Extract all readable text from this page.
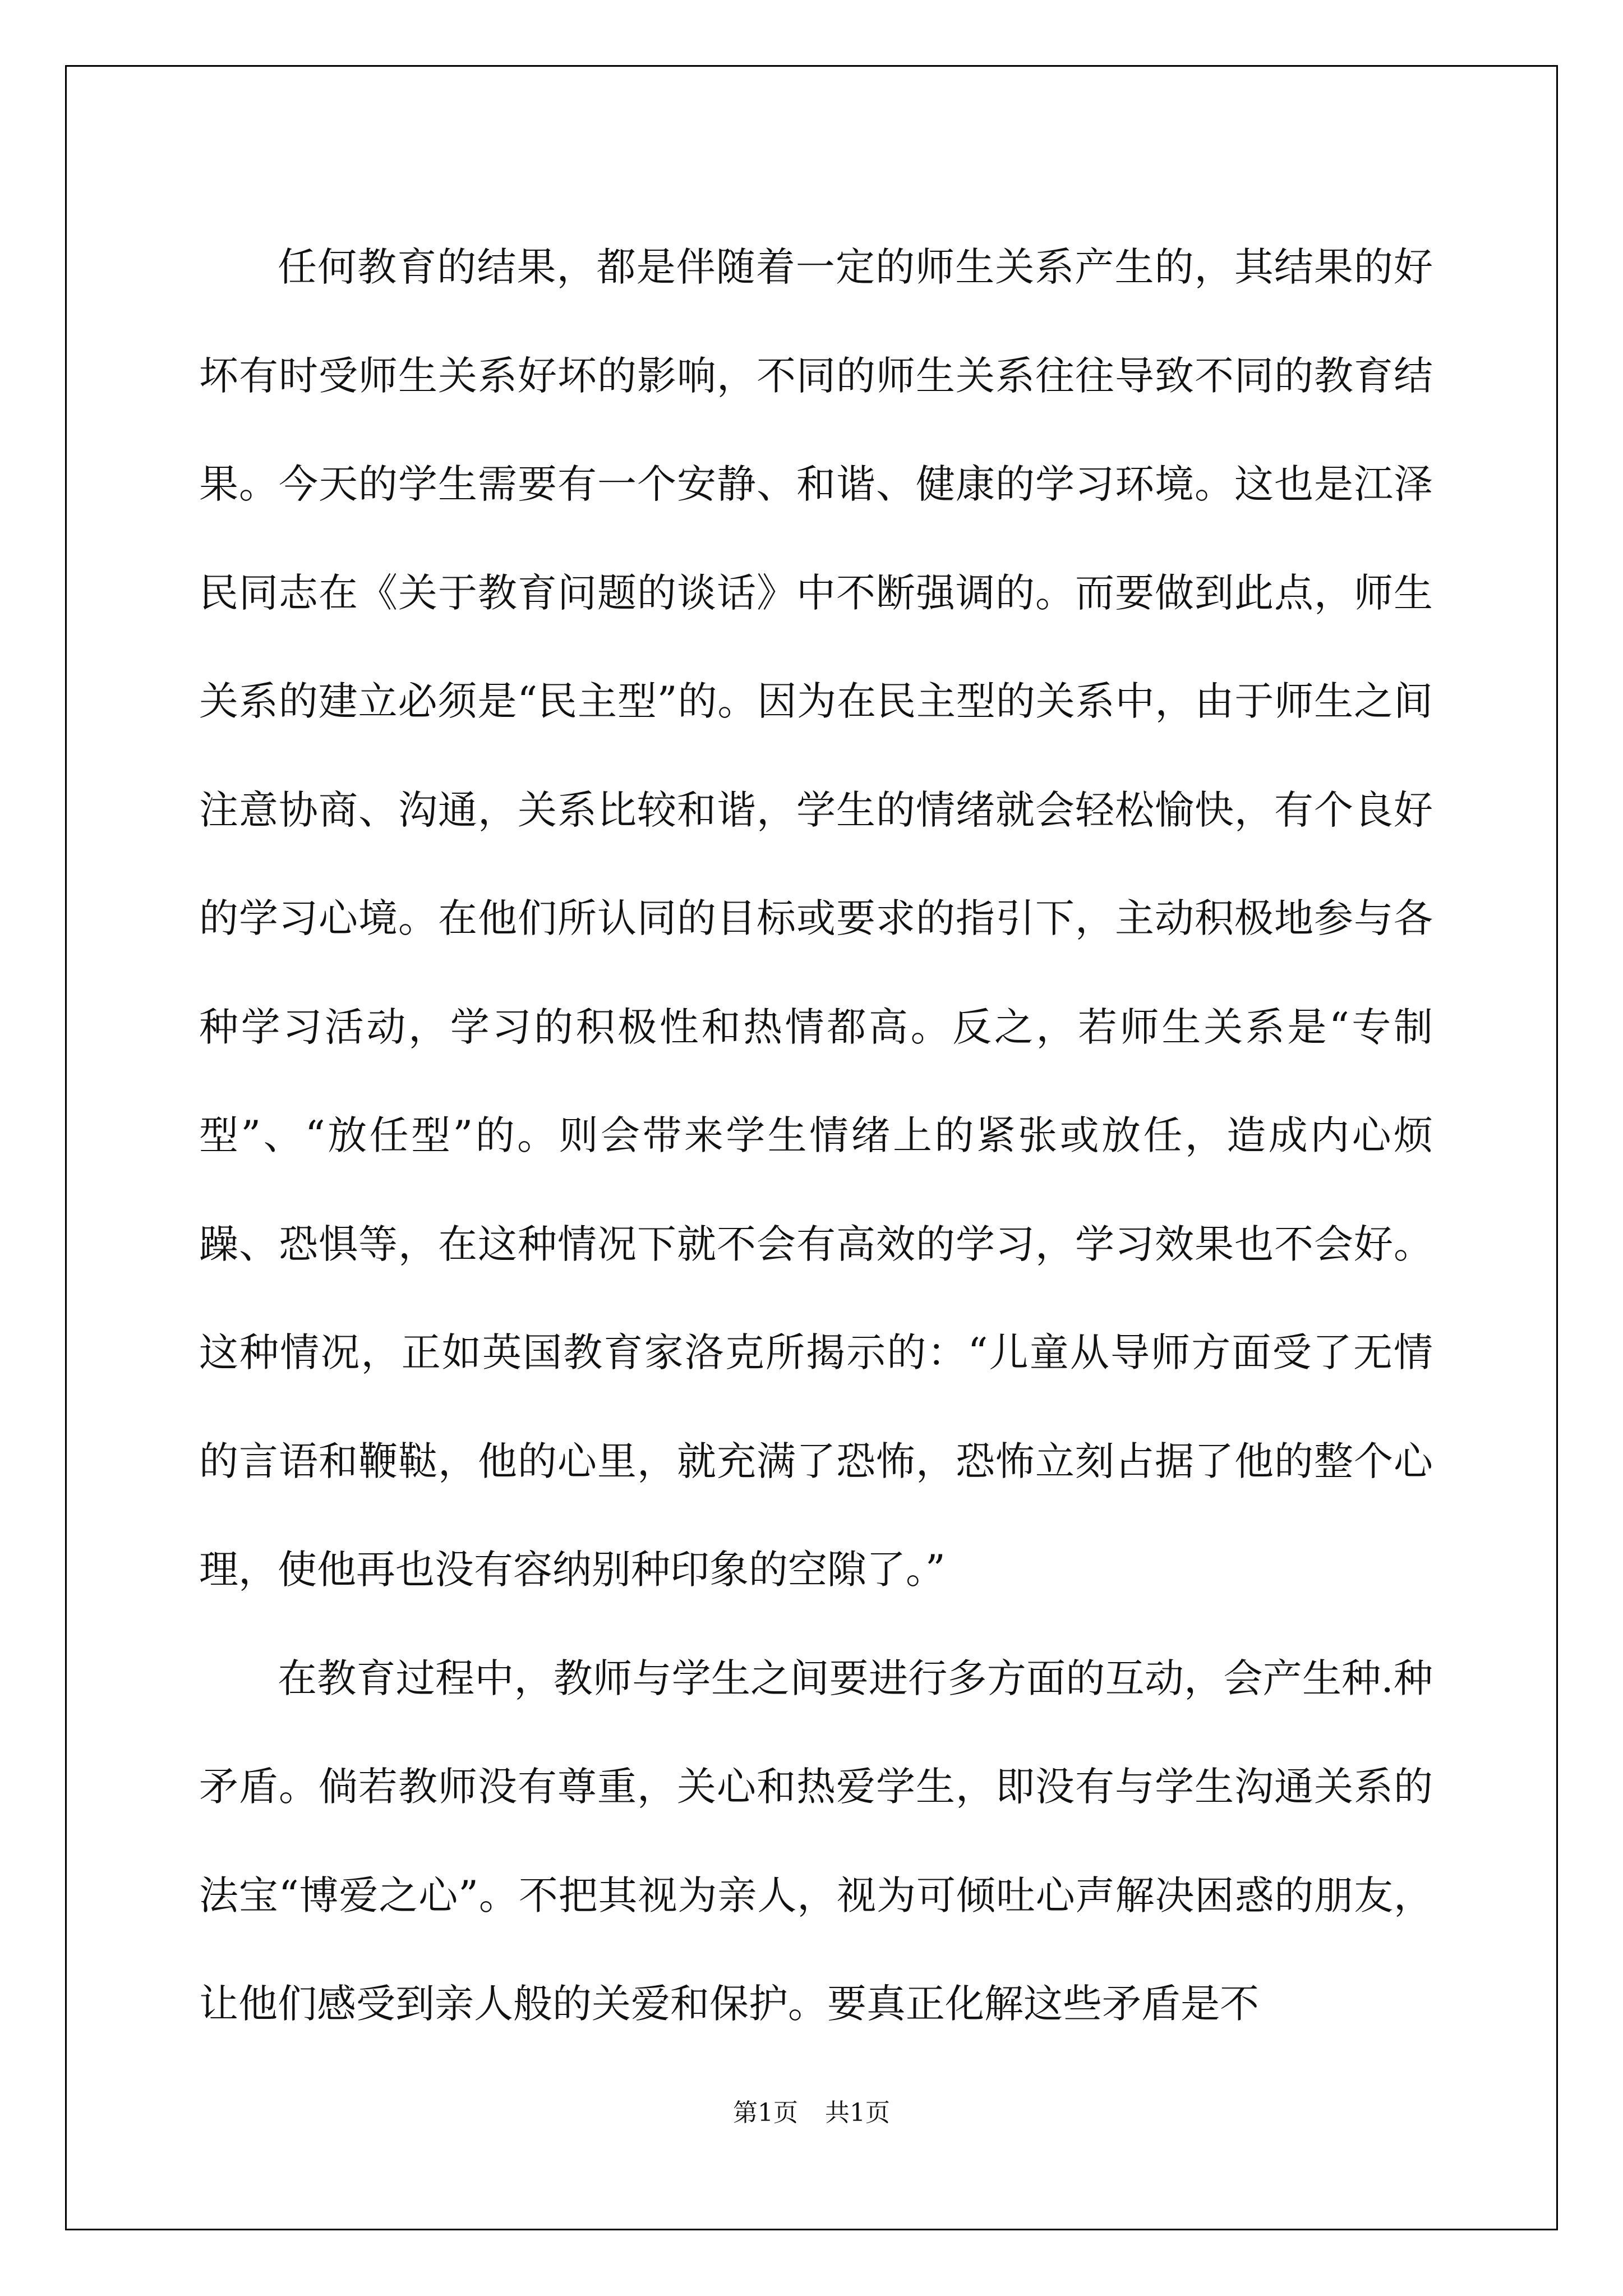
任何教育的结果，都是伴随着一定的师生关系产生的，其结果的好坏有时受师生关系好坏的影响，不同的师生关系往往导致不同的教育结果。今天的学生需要有一个安静、和谐、健康的学习环境。这也是江泽民同志在《关于教育问题的谈话》中不断强调的。而要做到此点，师生关系的建立必须是“民主型”的。因为在民主型的关系中，由于师生之间注意协商、沟通，关系比较和谐，学生的情绪就会轻松愉快，有个良好的学习心境。在他们所认同的目标或要求的指引下，主动积极地参与各种学习活动，学习的积极性和热情都高。反之，若师生关系是“专制型”、“放任型”的。则会带来学生情绪上的紧张或放任，造成内心烦躁、恐惧等，在这种情况下就不会有高效的学习，学习效果也不会好。这种情况，正如英国教育家洛克所揭示的：“儿童从导师方面受了无情的言语和鞭鞑，他的心里，就充满了恐怖，恐怖立刻占据了他的整个心理，使他再也没有容纳别种印象的空隙了。”

在教育过程中，教师与学生之间要进行多方面的互动，会产生种.种矛盾。倘若教师没有尊重，关心和热爱学生，即没有与学生沟通关系的法宝“博爱之心”。不把其视为亲人，视为可倾吐心声解决困惑的朋友，让他们感受到亲人般的关爱和保护。要真正化解这些矛盾是不

第1页 共1页
